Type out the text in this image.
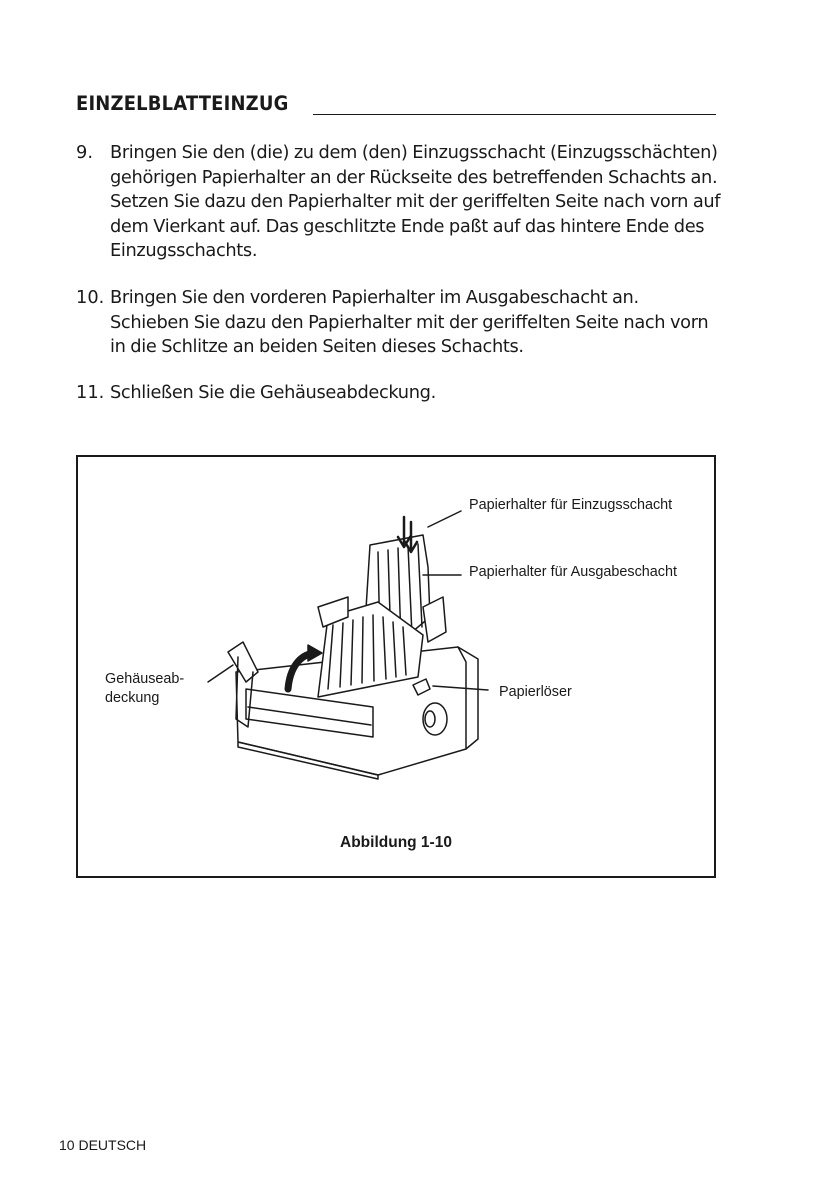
EINZELBLATTEINZUG
9. Bringen Sie den (die) zu dem (den) Einzugsschacht (Einzugsschächten) gehörigen Papierhalter an der Rückseite des betreffenden Schachts an. Setzen Sie dazu den Papierhalter mit der geriffelten Seite nach vorn auf dem Vierkant auf. Das geschlitzte Ende paßt auf das hintere Ende des Einzugsschachts.
10. Bringen Sie den vorderen Papierhalter im Ausgabeschacht an. Schieben Sie dazu den Papierhalter mit der geriffelten Seite nach vorn in die Schlitze an beiden Seiten dieses Schachts.
11. Schließen Sie die Gehäuseabdeckung.
Papierhalter für Einzugsschacht
Papierhalter für Ausgabeschacht
Gehäuseab-
deckung	Papierlöser
Abbildung 1-10
10 DEUTSCH
